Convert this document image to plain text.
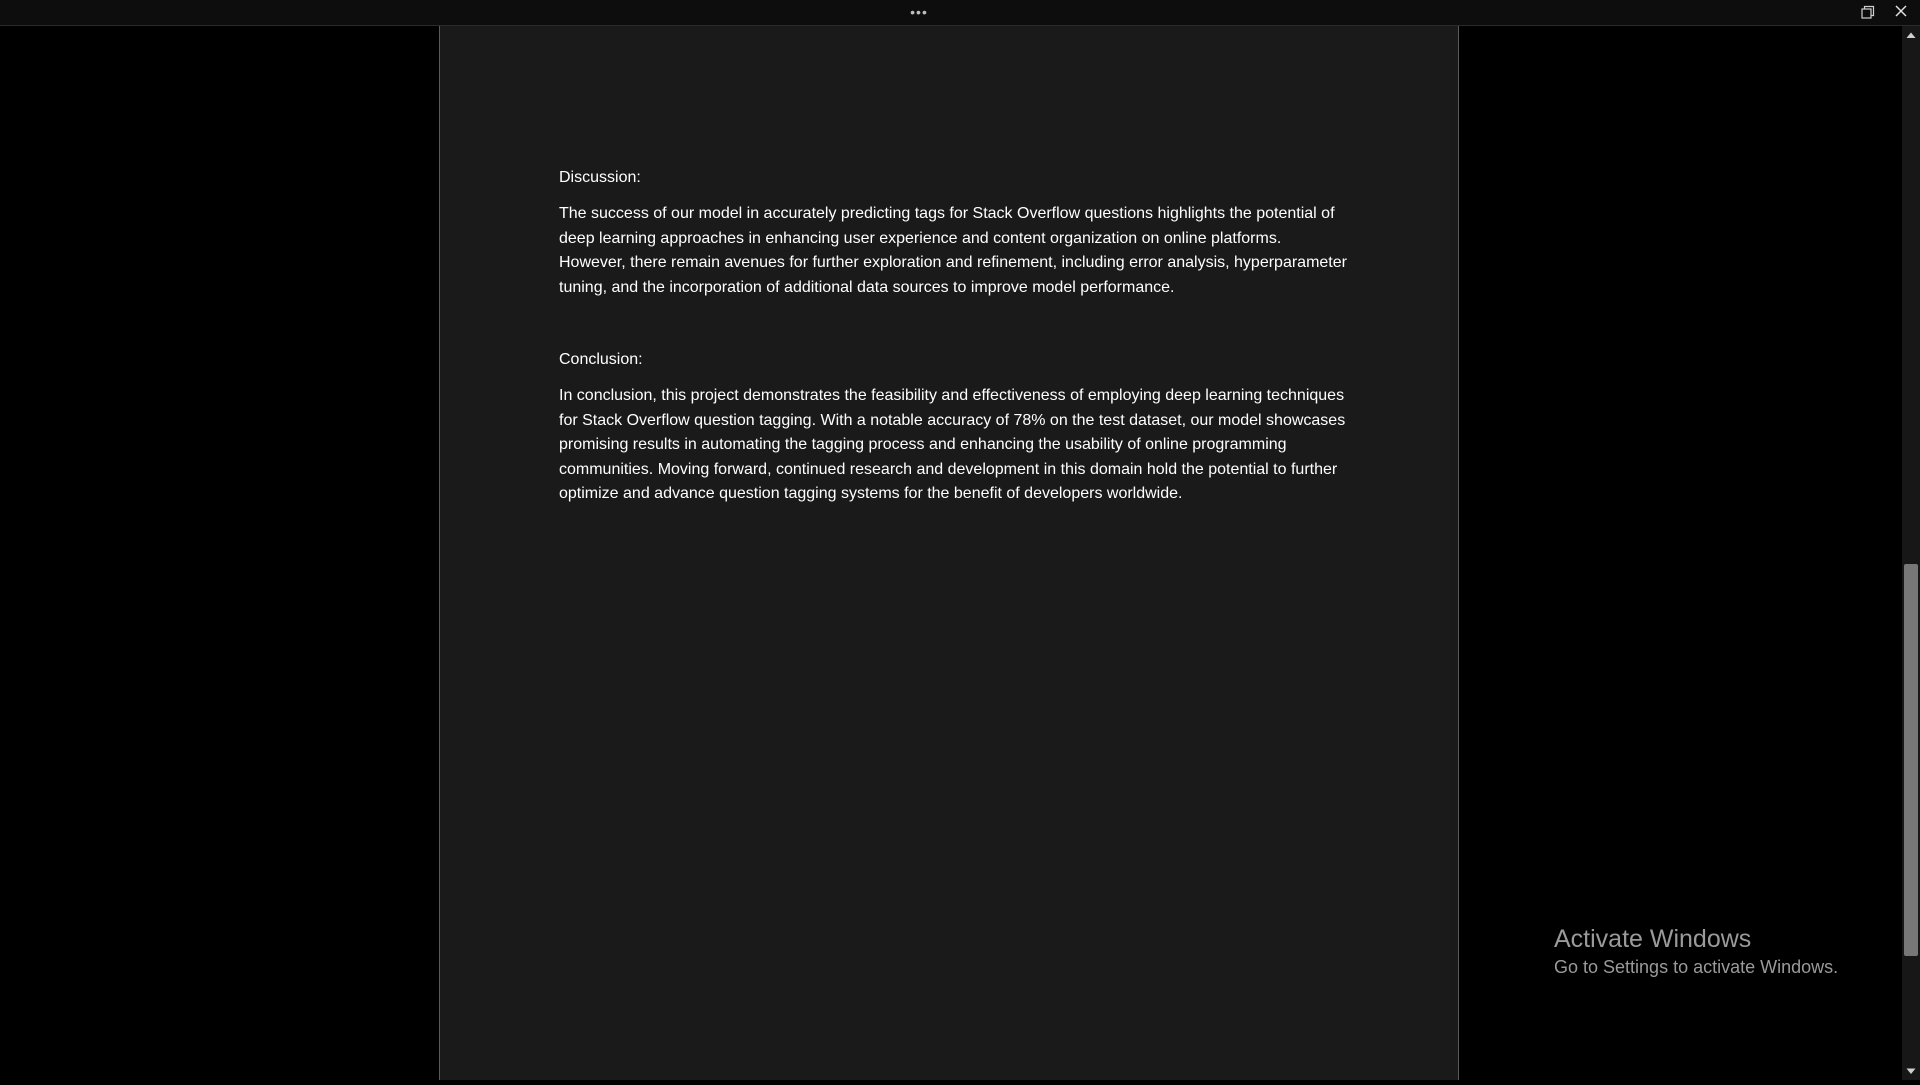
•••

Discussion:

The success of our model in accurately predicting tags for Stack Overflow questions highlights the potential of deep learning approaches in enhancing user experience and content organization on online platforms. However, there remain avenues for further exploration and refinement, including error analysis, hyperparameter tuning, and the incorporation of additional data sources to improve model performance.

Conclusion:

In conclusion, this project demonstrates the feasibility and effectiveness of employing deep learning techniques for Stack Overflow question tagging. With a notable accuracy of 78% on the test dataset, our model showcases promising results in automating the tagging process and enhancing the usability of online programming communities. Moving forward, continued research and development in this domain hold the potential to further optimize and advance question tagging systems for the benefit of developers worldwide.

Activate Windows
Go to Settings to activate Windows.
